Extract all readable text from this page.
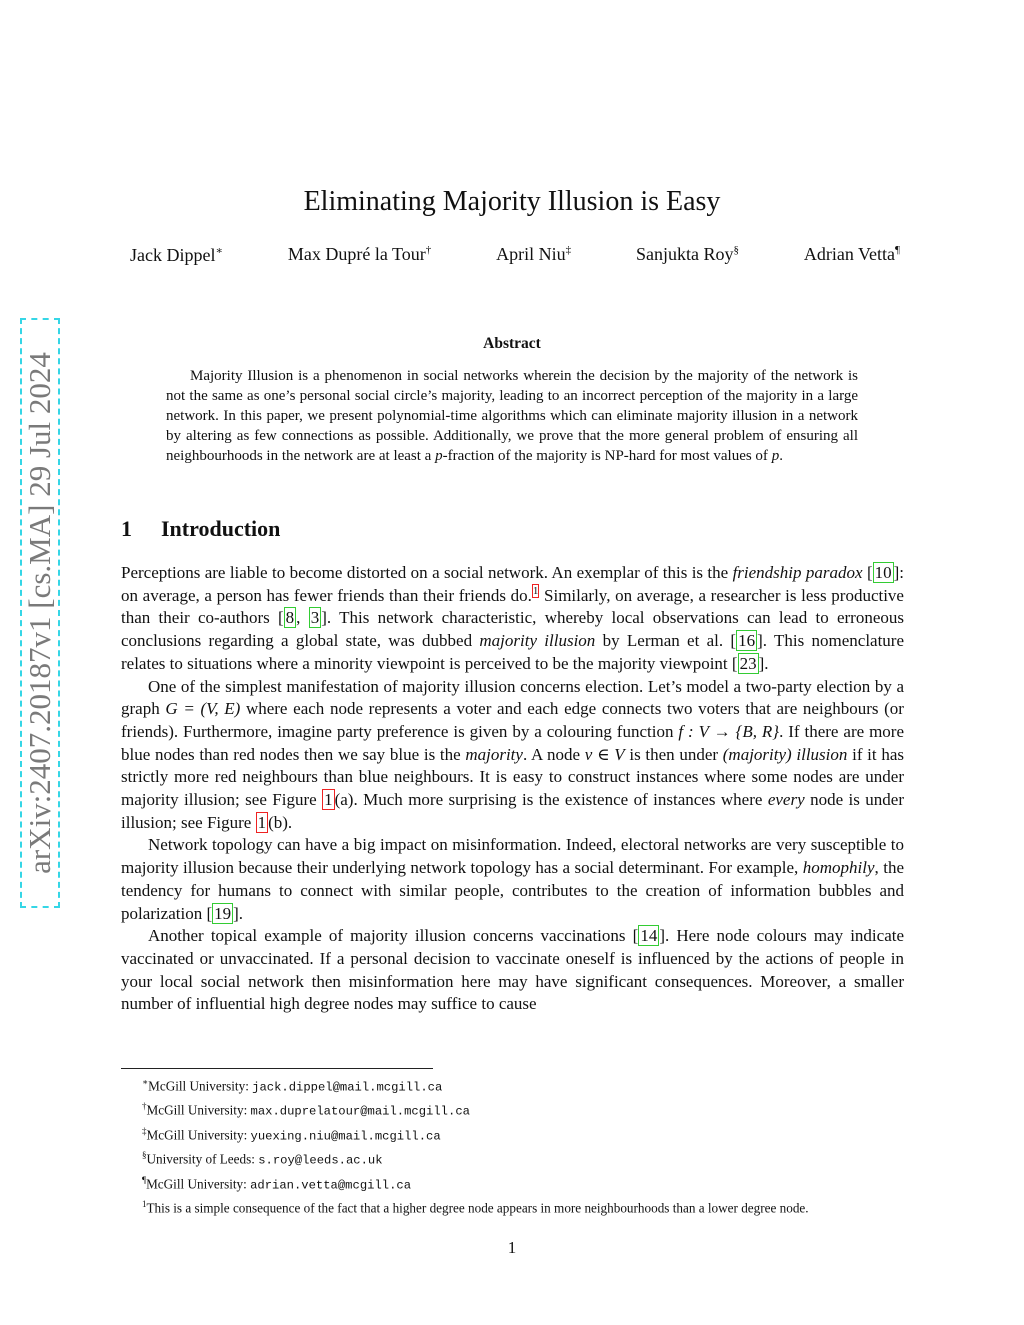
arXiv:2407.20187v1 [cs.MA] 29 Jul 2024
Eliminating Majority Illusion is Easy
Jack Dippel∗	Max Dupré la Tour†	April Niu‡	Sanjukta Roy§	Adrian Vetta¶
Abstract

Majority Illusion is a phenomenon in social networks wherein the decision by the majority of the network is not the same as one’s personal social circle’s majority, leading to an incorrect perception of the majority in a large network. In this paper, we present polynomial-time algorithms which can eliminate majority illusion in a network by altering as few connections as possible. Additionally, we prove that the more general problem of ensuring all neighbourhoods in the network are at least a p-fraction of the majority is NP-hard for most values of p.

1 Introduction

Perceptions are liable to become distorted on a social network. An exemplar of this is the friendship paradox [ 10 ]: on average, a person has fewer friends than their friends do.$^1$ Similarly, on average, a researcher is less productive than their co-authors [ 8 , 3 ]. This network characteristic, whereby local observations can lead to erroneous conclusions regarding a global state, was dubbed majority illusion by Lerman et al. [ 16 ]. This nomenclature relates to situations where a minority viewpoint is perceived to be the majority viewpoint [ 23 ].

One of the simplest manifestation of majority illusion concerns election. Let’s model a two-party election by a graph G = (V, E) where each node represents a voter and each edge connects two voters that are neighbours (or friends). Furthermore, imagine party preference is given by a colouring function f : V → {B, R}. If there are more blue nodes than red nodes then we say blue is the majority. A node v ∈ V is then under (majority) illusion if it has strictly more red neighbours than blue neighbours. It is easy to construct instances where some nodes are under majority illusion; see Figure 1 (a). Much more surprising is the existence of instances where every node is under illusion; see Figure 1 (b).

Network topology can have a big impact on misinformation. Indeed, electoral networks are very susceptible to majority illusion because their underlying network topology has a social determinant. For example, homophily, the tendency for humans to connect with similar people, contributes to the creation of information bubbles and polarization [ 19 ].

Another topical example of majority illusion concerns vaccinations [ 14 ]. Here node colours may indicate vaccinated or unvaccinated. If a personal decision to vaccinate oneself is influenced by the actions of people in your local social network then misinformation here may have significant consequences. Moreover, a smaller number of influential high degree nodes may suffice to cause

∗McGill University: jack.dippel@mail.mcgill.ca

†McGill University: max.duprelatour@mail.mcgill.ca

‡McGill University: yuexing.niu@mail.mcgill.ca

§University of Leeds: s.roy@leeds.ac.uk

¶McGill University: adrian.vetta@mcgill.ca

$^1$This is a simple consequence of the fact that a higher degree node appears in more neighbourhoods than a lower degree node.

1
